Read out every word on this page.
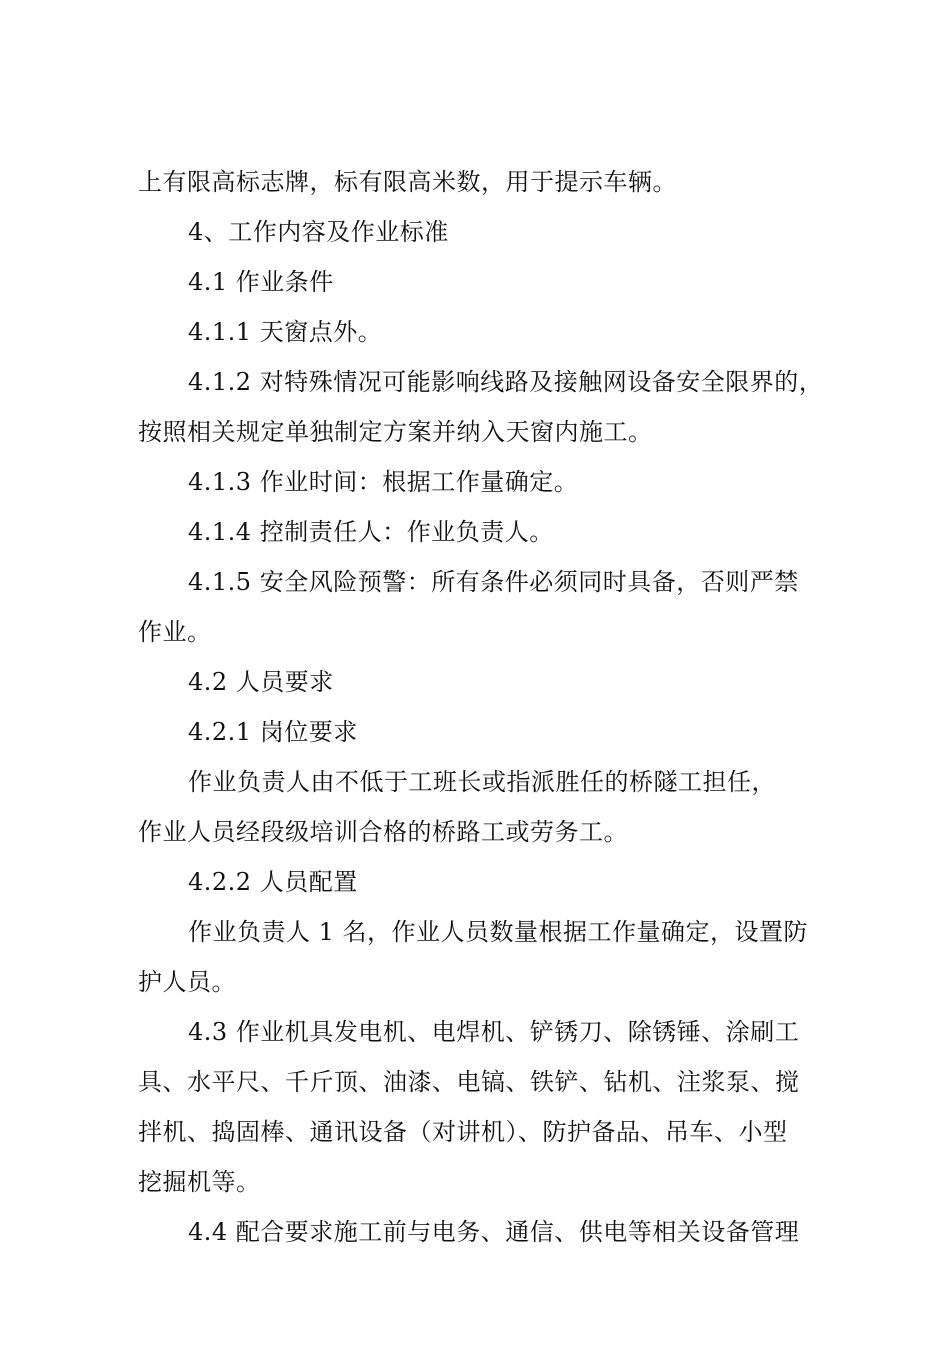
上有限高标志牌，标有限高米数，用于提示车辆。
4、工作内容及作业标准
4.1 作业条件
4.1.1 天窗点外。
4.1.2 对特殊情况可能影响线路及接触网设备安全限界的，
按照相关规定单独制定方案并纳入天窗内施工。
4.1.3 作业时间：根据工作量确定。
4.1.4 控制责任人：作业负责人。
4.1.5 安全风险预警：所有条件必须同时具备，否则严禁
作业。
4.2 人员要求
4.2.1 岗位要求
作业负责人由不低于工班长或指派胜任的桥隧工担任，
作业人员经段级培训合格的桥路工或劳务工。
4.2.2 人员配置
作业负责人 1 名，作业人员数量根据工作量确定，设置防
护人员。
4.3 作业机具发电机、电焊机、铲锈刀、除锈锤、涂刷工
具、水平尺、千斤顶、油漆、电镐、铁铲、钻机、注浆泵、搅
拌机、捣固棒、通讯设备（对讲机）、防护备品、吊车、小型
挖掘机等。
4.4 配合要求施工前与电务、通信、供电等相关设备管理
